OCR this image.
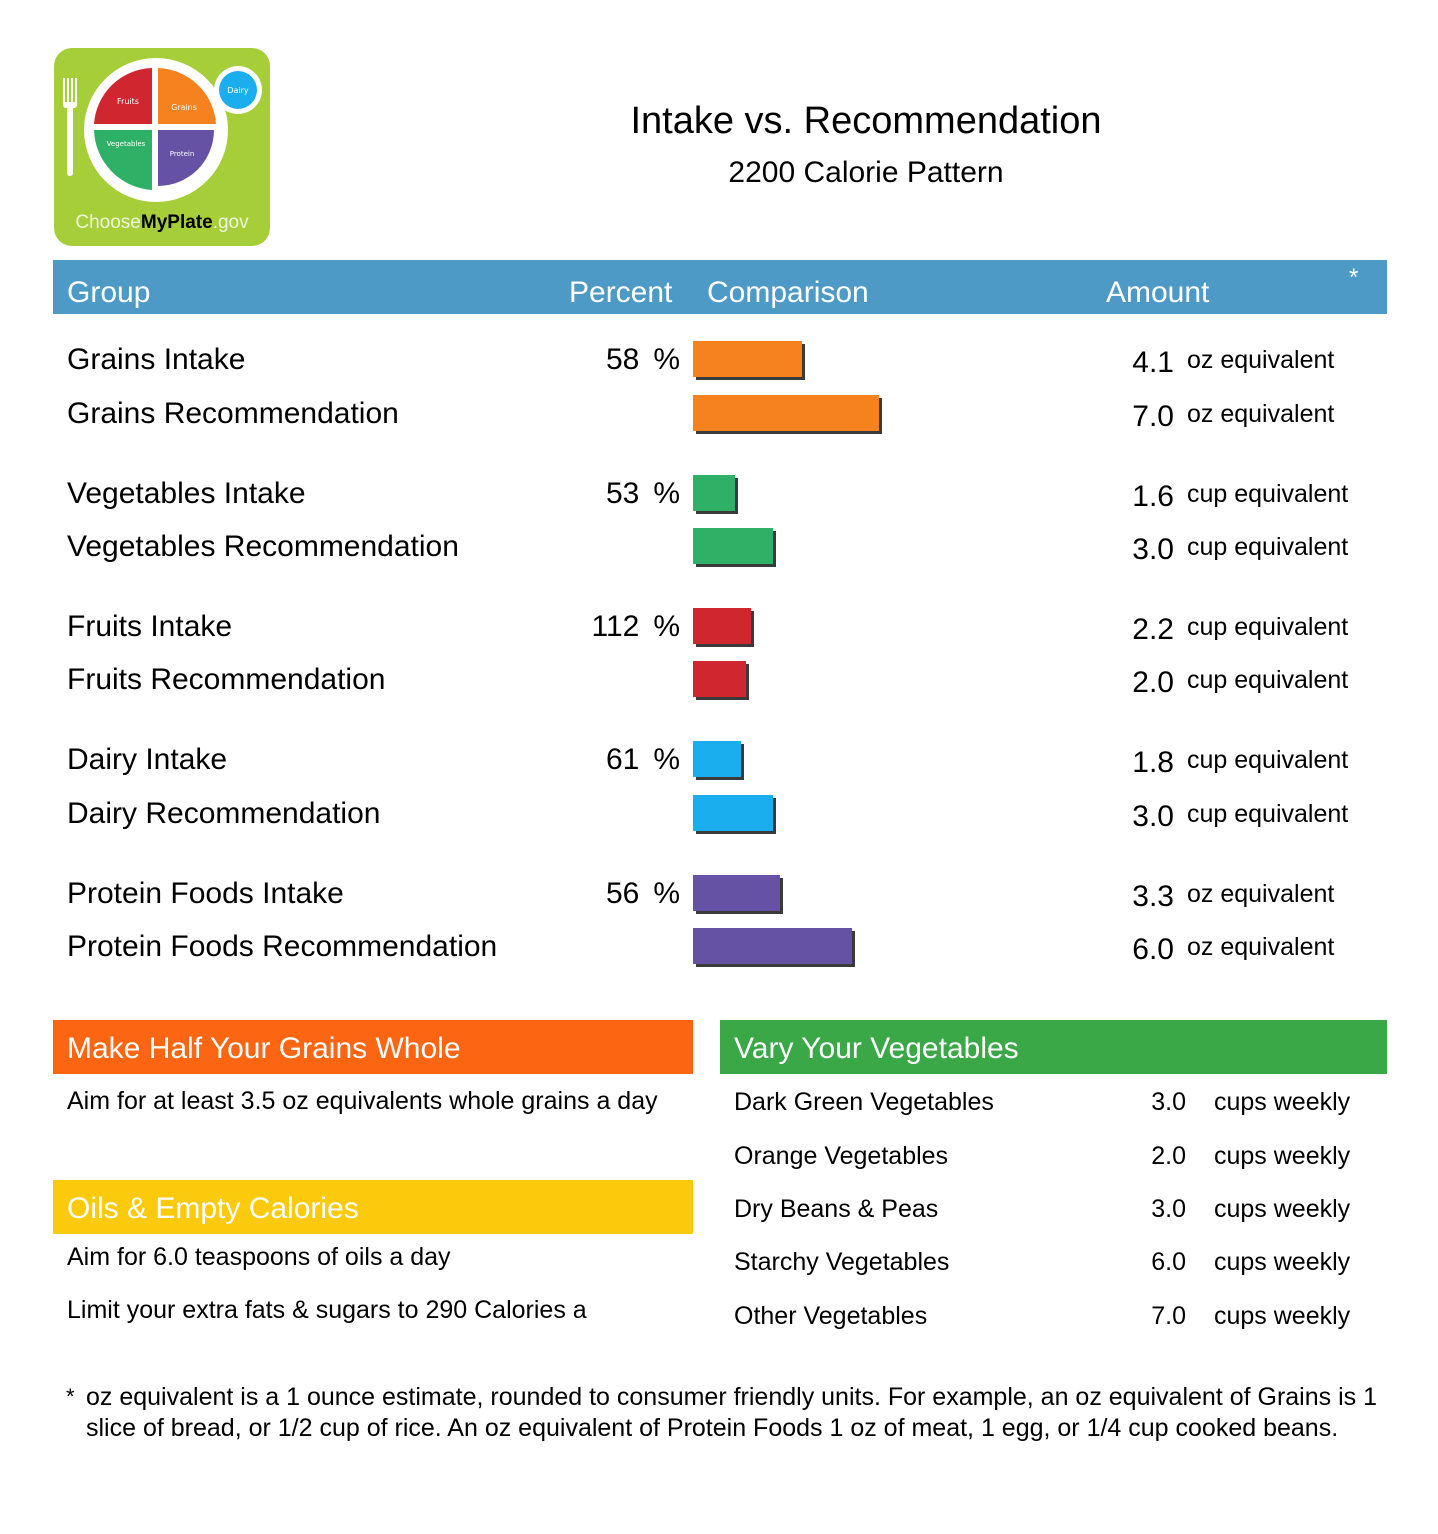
Fruits
Grains
Vegetables
Protein
Dairy
ChooseMyPlate.gov
Intake vs. Recommendation
2200 Calorie Pattern
Group	Percent Comparison	Amount	*
Grains Intake	58 %	4.1 oz equivalent
Grains Recommendation	7.0 oz equivalent
Vegetables Intake	53 %	1.6 cup equivalent
Vegetables Recommendation	3.0 cup equivalent
Fruits Intake	112 %	2.2 cup equivalent
Fruits Recommendation	2.0 cup equivalent
Dairy Intake	61 %	1.8 cup equivalent
Dairy Recommendation	3.0 cup equivalent
Protein Foods Intake	56 %	3.3 oz equivalent
Protein Foods Recommendation	6.0 oz equivalent
Make Half Your Grains Whole
Aim for at least 3.5 oz equivalents whole grains a day
Oils & Empty Calories
Aim for 6.0 teaspoons of oils a day
Limit your extra fats & sugars to 290 Calories a
Vary Your Vegetables
Dark Green Vegetables	3.0 cups weekly
Orange Vegetables	2.0 cups weekly
Dry Beans & Peas	3.0 cups weekly
Starchy Vegetables	6.0 cups weekly
Other Vegetables	7.0 cups weekly
* oz equivalent is a 1 ounce estimate, rounded to consumer friendly units. For example, an oz equivalent of Grains is 1 slice of bread, or 1/2 cup of rice. An oz equivalent of Protein Foods 1 oz of meat, 1 egg, or 1/4 cup cooked beans.
